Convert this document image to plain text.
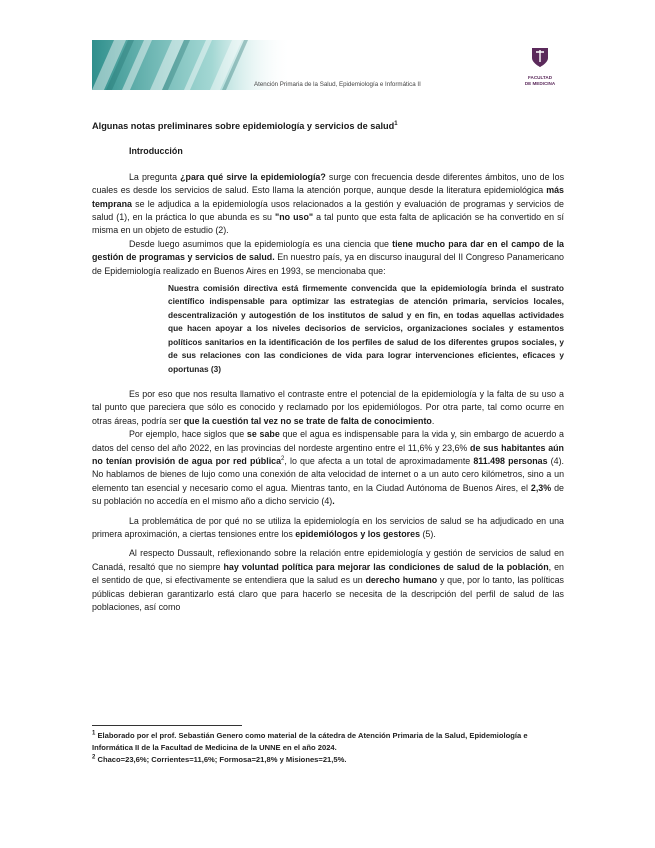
Atención Primaria de la Salud, Epidemiología e Informática II
FACULTAD
DE MEDICINA

Algunas notas preliminares sobre epidemiología y servicios de salud$^1$

Introducción

La pregunta ¿para qué sirve la epidemiología? surge con frecuencia desde diferentes ámbitos, uno de los cuales es desde los servicios de salud. Esto llama la atención porque, aunque desde la literatura epidemiológica más temprana se le adjudica a la epidemiología usos relacionados a la gestión y evaluación de programas y servicios de salud (1), en la práctica lo que abunda es su "no uso" a tal punto que esta falta de aplicación se ha convertido en sí misma en un objeto de estudio (2).

Desde luego asumimos que la epidemiología es una ciencia que tiene mucho para dar en el campo de la gestión de programas y servicios de salud. En nuestro país, ya en discurso inaugural del II Congreso Panamericano de Epidemiología realizado en Buenos Aires en 1993, se mencionaba que:

Nuestra comisión directiva está firmemente convencida que la epidemiología brinda el sustrato científico indispensable para optimizar las estrategias de atención primaria, servicios locales, descentralización y autogestión de los institutos de salud y en fin, en todas aquellas actividades que hacen apoyar a los niveles decisorios de servicios, organizaciones sociales y estamentos políticos sanitarios en la identificación de los perfiles de salud de los diferentes grupos sociales, y de sus relaciones con las condiciones de vida para lograr intervenciones eficientes, eficaces y oportunas (3)

Es por eso que nos resulta llamativo el contraste entre el potencial de la epidemiología y la falta de su uso a tal punto que pareciera que sólo es conocido y reclamado por los epidemiólogos. Por otra parte, tal como ocurre en otras áreas, podría ser que la cuestión tal vez no se trate de falta de conocimiento.

Por ejemplo, hace siglos que se sabe que el agua es indispensable para la vida y, sin embargo de acuerdo a datos del censo del año 2022, en las provincias del nordeste argentino entre el 11,6% y 23,6% de sus habitantes aún no tenían provisión de agua por red pública$^2$, lo que afecta a un total de aproximadamente 811.498 personas (4). No hablamos de bienes de lujo como una conexión de alta velocidad de internet o a un auto cero kilómetros, sino a un elemento tan esencial y necesario como el agua. Mientras tanto, en la Ciudad Autónoma de Buenos Aires, el 2,3% de su población no accedía en el mismo año a dicho servicio (4).

La problemática de por qué no se utiliza la epidemiología en los servicios de salud se ha adjudicado en una primera aproximación, a ciertas tensiones entre los epidemiólogos y los gestores (5).

Al respecto Dussault, reflexionando sobre la relación entre epidemiología y gestión de servicios de salud en Canadá, resaltó que no siempre hay voluntad política para mejorar las condiciones de salud de la población, en el sentido de que, si efectivamente se entendiera que la salud es un derecho humano y que, por lo tanto, las políticas públicas debieran garantizarlo está claro que para hacerlo se necesita de la descripción del perfil de salud de las poblaciones, así como

$^1$ Elaborado por el prof. Sebastián Genero como material de la cátedra de Atención Primaria de la Salud, Epidemiología e Informática II de la Facultad de Medicina de la UNNE en el año 2024.

$^2$ Chaco=23,6%; Corrientes=11,6%; Formosa=21,8% y Misiones=21,5%.
